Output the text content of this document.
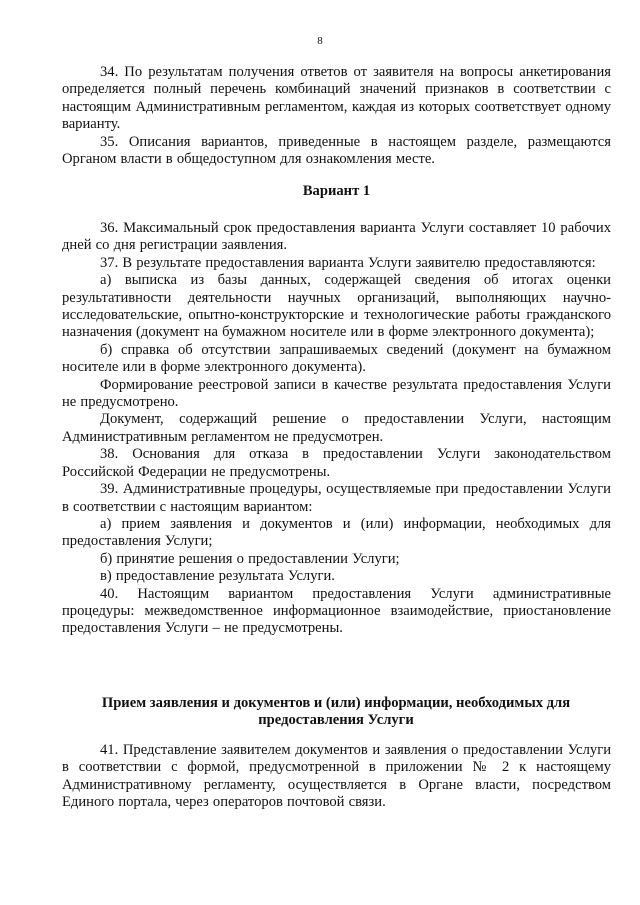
8

34. По результатам получения ответов от заявителя на вопросы анкетирования определяется полный перечень комбинаций значений признаков в соответствии с настоящим Административным регламентом, каждая из которых соответствует одному варианту.

35. Описания вариантов, приведенные в настоящем разделе, размещаются Органом власти в общедоступном для ознакомления месте.

Вариант 1

36. Максимальный срок предоставления варианта Услуги составляет 10 рабочих дней со дня регистрации заявления.

37. В результате предоставления варианта Услуги заявителю предоставляются:

а) выписка из базы данных, содержащей сведения об итогах оценки результативности деятельности научных организаций, выполняющих научно-исследовательские, опытно-конструкторские и технологические работы гражданского назначения (документ на бумажном носителе или в форме электронного документа);

б) справка об отсутствии запрашиваемых сведений (документ на бумажном носителе или в форме электронного документа).

Формирование реестровой записи в качестве результата предоставления Услуги не предусмотрено.

Документ, содержащий решение о предоставлении Услуги, настоящим Административным регламентом не предусмотрен.

38. Основания для отказа в предоставлении Услуги законодательством Российской Федерации не предусмотрены.

39. Административные процедуры, осуществляемые при предоставлении Услуги в соответствии с настоящим вариантом:

а) прием заявления и документов и (или) информации, необходимых для предоставления Услуги;

б) принятие решения о предоставлении Услуги;

в) предоставление результата Услуги.

40. Настоящим вариантом предоставления Услуги административные процедуры: межведомственное информационное взаимодействие, приостановление предоставления Услуги – не предусмотрены.

Прием заявления и документов и (или) информации, необходимых для предоставления Услуги

41. Представление заявителем документов и заявления о предоставлении Услуги в соответствии с формой, предусмотренной в приложении № 2 к настоящему Административному регламенту, осуществляется в Органе власти, посредством Единого портала, через операторов почтовой связи.
